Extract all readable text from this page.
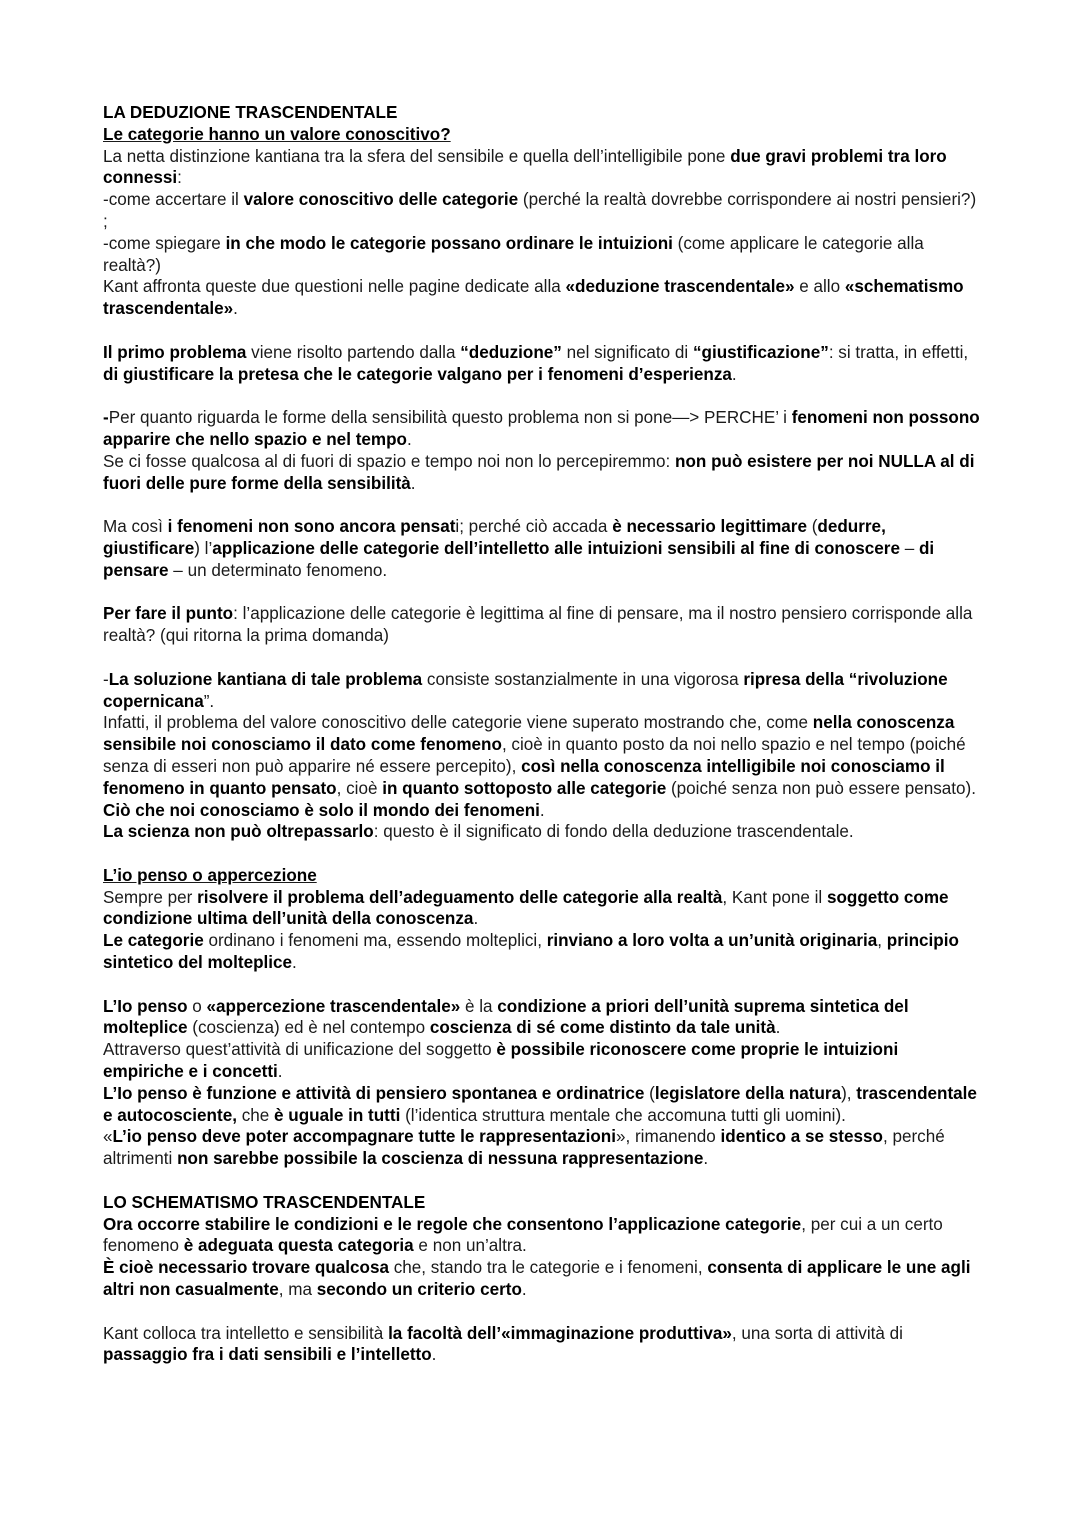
LA DEDUZIONE TRASCENDENTALE

Le categorie hanno un valore conoscitivo?

La netta distinzione kantiana tra la sfera del sensibile e quella dell’intelligibile pone due gravi problemi tra loro connessi:

-come accertare il valore conoscitivo delle categorie (perché la realtà dovrebbe corrispondere ai nostri pensieri?) ;

-come spiegare in che modo le categorie possano ordinare le intuizioni (come applicare le categorie alla realtà?)

Kant affronta queste due questioni nelle pagine dedicate alla «deduzione trascendentale» e allo «schematismo trascendentale».

Il primo problema viene risolto partendo dalla “deduzione” nel significato di “giustificazione”: si tratta, in effetti, di giustificare la pretesa che le categorie valgano per i fenomeni d’esperienza.

-Per quanto riguarda le forme della sensibilità questo problema non si pone—> PERCHE’ i fenomeni non possono apparire che nello spazio e nel tempo.

Se ci fosse qualcosa al di fuori di spazio e tempo noi non lo percepiremmo: non può esistere per noi NULLA al di fuori delle pure forme della sensibilità.

Ma così i fenomeni non sono ancora pensati; perché ciò accada è necessario legittimare (dedurre, giustificare) l’applicazione delle categorie dell’intelletto alle intuizioni sensibili al fine di conoscere – di pensare – un determinato fenomeno.

Per fare il punto: l’applicazione delle categorie è legittima al fine di pensare, ma il nostro pensiero corrisponde alla realtà? (qui ritorna la prima domanda)

-La soluzione kantiana di tale problema consiste sostanzialmente in una vigorosa ripresa della “rivoluzione copernicana”.

Infatti, il problema del valore conoscitivo delle categorie viene superato mostrando che, come nella conoscenza sensibile noi conosciamo il dato come fenomeno, cioè in quanto posto da noi nello spazio e nel tempo (poiché senza di esseri non può apparire né essere percepito), così nella conoscenza intelligibile noi conosciamo il fenomeno in quanto pensato, cioè in quanto sottoposto alle categorie (poiché senza non può essere pensato). Ciò che noi conosciamo è solo il mondo dei fenomeni.

La scienza non può oltrepassarlo: questo è il significato di fondo della deduzione trascendentale.

L’io penso o appercezione

Sempre per risolvere il problema dell’adeguamento delle categorie alla realtà, Kant pone il soggetto come condizione ultima dell’unità della conoscenza.

Le categorie ordinano i fenomeni ma, essendo molteplici, rinviano a loro volta a un’unità originaria, principio sintetico del molteplice.

L’Io penso o «appercezione trascendentale» è la condizione a priori dell’unità suprema sintetica del molteplice (coscienza) ed è nel contempo coscienza di sé come distinto da tale unità.

Attraverso quest’attività di unificazione del soggetto è possibile riconoscere come proprie le intuizioni empiriche e i concetti.

L’Io penso è funzione e attività di pensiero spontanea e ordinatrice (legislatore della natura), trascendentale e autocosciente, che è uguale in tutti (l’identica struttura mentale che accomuna tutti gli uomini).

«L’io penso deve poter accompagnare tutte le rappresentazioni», rimanendo identico a se stesso, perché altrimenti non sarebbe possibile la coscienza di nessuna rappresentazione.

LO SCHEMATISMO TRASCENDENTALE

Ora occorre stabilire le condizioni e le regole che consentono l’applicazione categorie, per cui a un certo fenomeno è adeguata questa categoria e non un’altra.

È cioè necessario trovare qualcosa che, stando tra le categorie e i fenomeni, consenta di applicare le une agli altri non casualmente, ma secondo un criterio certo.

Kant colloca tra intelletto e sensibilità la facoltà dell’«immaginazione produttiva», una sorta di attività di passaggio fra i dati sensibili e l’intelletto.
